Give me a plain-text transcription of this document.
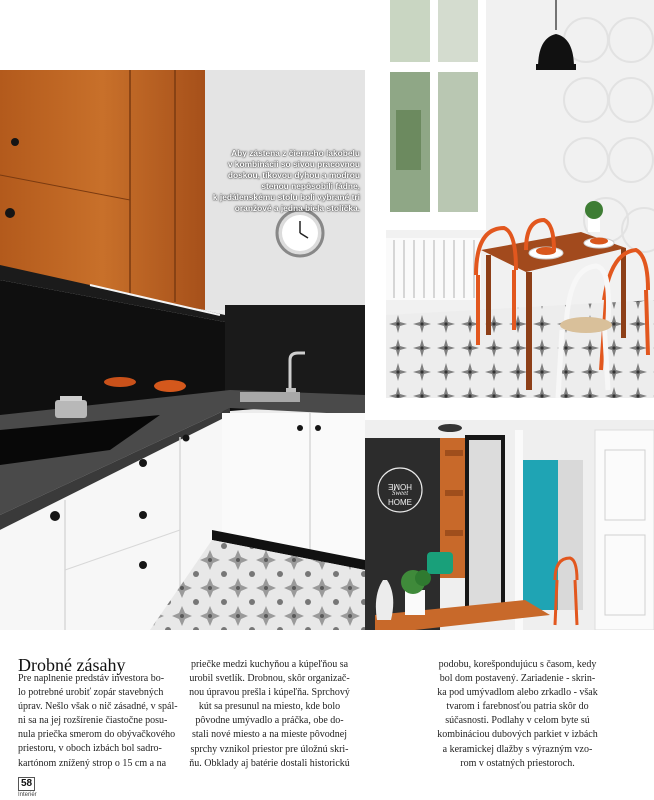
Aby zástena z čierneho lakobelu
v kombinácii so sivou pracovnou
doskou, tíkovou dyhou a modrou
stenou nepôsobili fádne,
k jedálenskému stolu boli vybrané tri
oranžové a jedna biela stolička.
HOME
Sweet
HOME
Drobné zásahy
Pre naplnenie predstáv investora bo-
lo potrebné urobiť zopár stavebných
úprav. Nešlo však o nič zásadné, v spál-
ni sa na jej rozšírenie čiastočne posu-
nula priečka smerom do obývačkového
priestoru, v oboch izbách bol sadro-
kartónom znížený strop o 15 cm a na
priečke medzi kuchyňou a kúpeľňou sa
urobil svetlík. Drobnou, skôr organizač-
nou úpravou prešla i kúpeľňa. Sprchový
kút sa presunul na miesto, kde bolo
pôvodne umývadlo a práčka, obe do-
stali nové miesto a na mieste pôvodnej
sprchy vznikol priestor pre úložnú skri-
ňu. Obklady aj batérie dostali historickú
podobu, korešpondujúcu s časom, kedy
bol dom postavený. Zariadenie - skrin-
ka pod umývadlom alebo zrkadlo - však
tvarom i farebnosťou patria skôr do
súčasnosti. Podlahy v celom byte sú
kombináciou dubových parkiet v izbách
a keramickej dlažby s výrazným vzo-
rom v ostatných priestoroch.
58
Interiér
